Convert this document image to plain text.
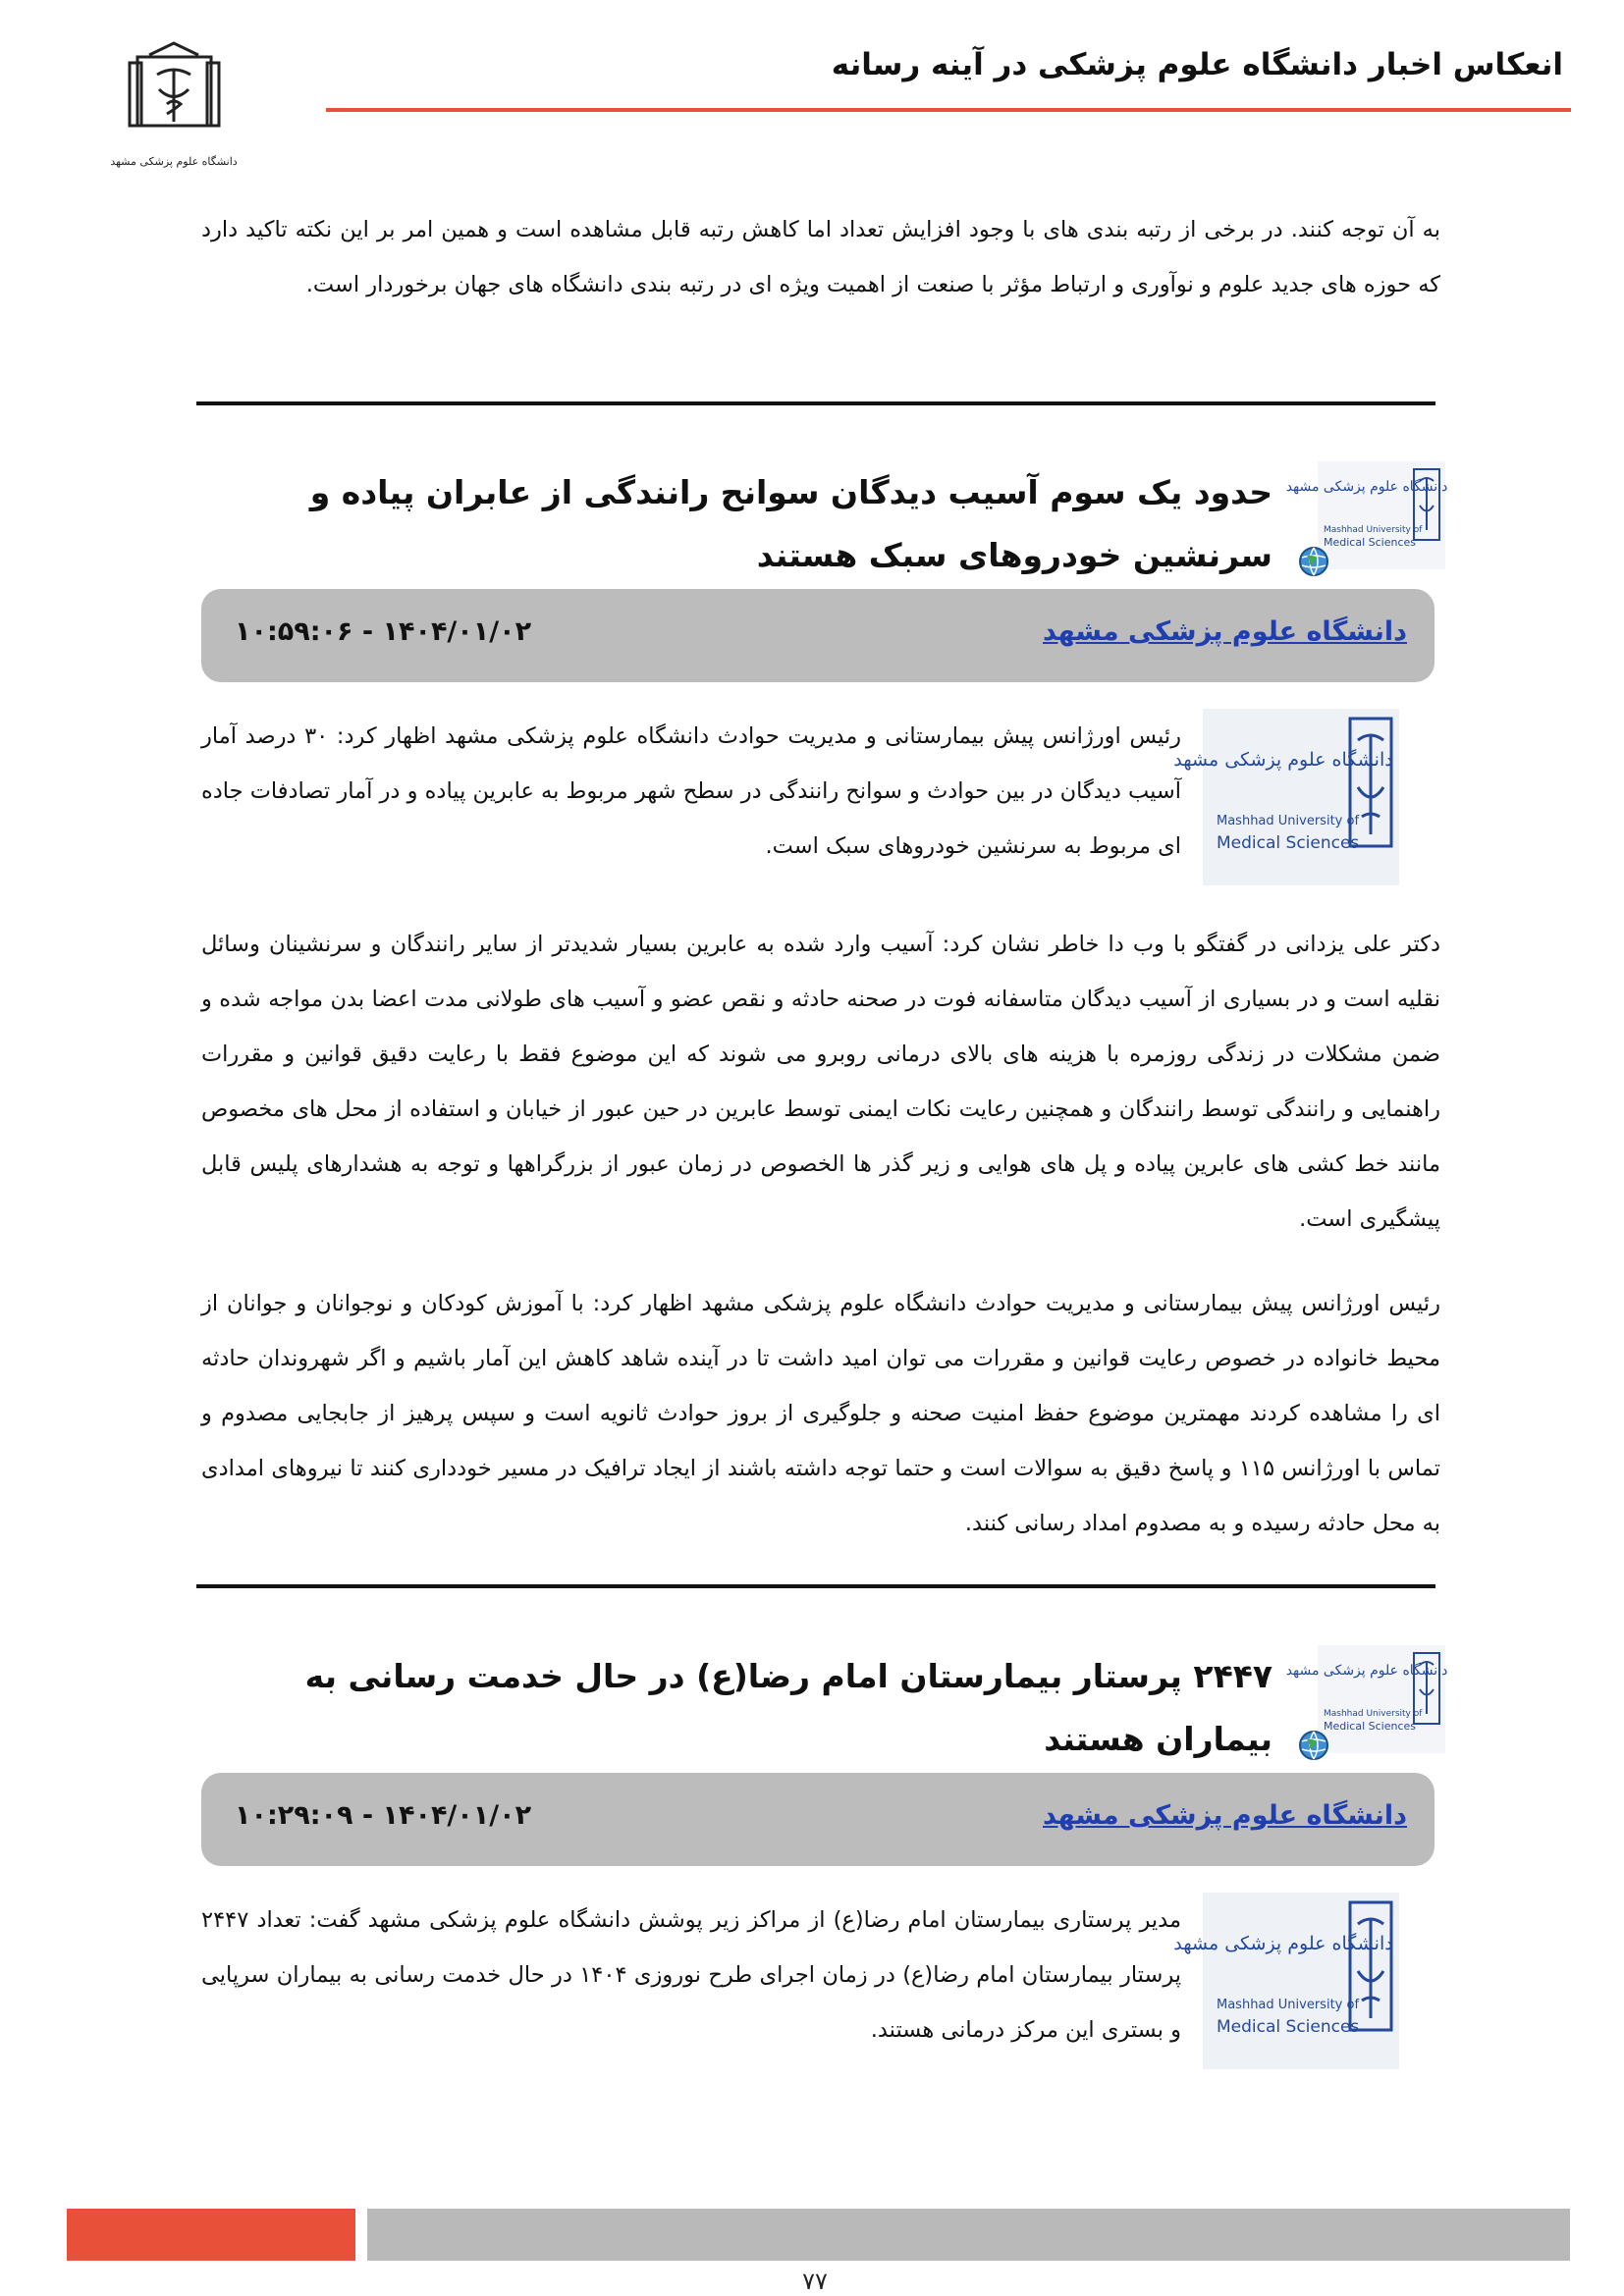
انعکاس اخبار دانشگاه علوم پزشکی در آینه رسانه
دانشگاه علوم پزشکی مشهد
به آن توجه کنند. در برخی از رتبه بندی های با وجود افزایش تعداد اما کاهش رتبه قابل مشاهده است و همین امر بر این نکته تاکید دارد که حوزه های جدید علوم و نوآوری و ارتباط مؤثر با صنعت از اهمیت ویژه ای در رتبه بندی دانشگاه های جهان برخوردار است.
حدود یک سوم آسیب دیدگان سوانح رانندگی از عابران پیاده و سرنشین خودروهای سبک هستند
دانشگاه علوم پزشکی مشهد
Mashhad University of
Medical Sciences
دانشگاه علوم پزشکی مشهد
۱۴۰۴/۰۱/۰۲ - ۱۰:۵۹:۰۶
دانشگاه علوم پزشکی مشهد
Mashhad University of
Medical Sciences
رئیس اورژانس پیش بیمارستانی و مدیریت حوادث دانشگاه علوم پزشکی مشهد اظهار کرد: ۳۰ درصد آمار آسیب دیدگان در بین حوادث و سوانح رانندگی در سطح شهر مربوط به عابرین پیاده و در آمار تصادفات جاده ای مربوط به سرنشین خودروهای سبک است.
دکتر علی یزدانی در گفتگو با وب دا خاطر نشان کرد: آسیب وارد شده به عابرین بسیار شدیدتر از سایر رانندگان و سرنشینان وسائل نقلیه است و در بسیاری از آسیب دیدگان متاسفانه فوت در صحنه حادثه و نقص عضو و آسیب های طولانی مدت اعضا بدن مواجه شده و ضمن مشکلات در زندگی روزمره با هزینه های بالای درمانی روبرو می شوند که این موضوع فقط با رعایت دقیق قوانین و مقررات راهنمایی و رانندگی توسط رانندگان و همچنین رعایت نکات ایمنی توسط عابرین در حین عبور از خیابان و استفاده از محل های مخصوص مانند خط کشی های عابرین پیاده و پل های هوایی و زیر گذر ها الخصوص در زمان عبور از بزرگراهها و توجه به هشدارهای پلیس قابل پیشگیری است.
رئیس اورژانس پیش بیمارستانی و مدیریت حوادث دانشگاه علوم پزشکی مشهد اظهار کرد: با آموزش کودکان و نوجوانان و جوانان از محیط خانواده در خصوص رعایت قوانین و مقررات می توان امید داشت تا در آینده شاهد کاهش این آمار باشیم و اگر شهروندان حادثه ای را مشاهده کردند مهمترین موضوع حفظ امنیت صحنه و جلوگیری از بروز حوادث ثانویه است و سپس پرهیز از جابجایی مصدوم و تماس با اورژانس ۱۱۵ و پاسخ دقیق به سوالات است و حتما توجه داشته باشند از ایجاد ترافیک در مسیر خودداری کنند تا نیروهای امدادی به محل حادثه رسیده و به مصدوم امداد رسانی کنند.
۲۴۴۷ پرستار بیمارستان امام رضا(ع) در حال خدمت رسانی به بیماران هستند
دانشگاه علوم پزشکی مشهد
Mashhad University of
Medical Sciences
دانشگاه علوم پزشکی مشهد
۱۴۰۴/۰۱/۰۲ - ۱۰:۲۹:۰۹
دانشگاه علوم پزشکی مشهد
Mashhad University of
Medical Sciences
مدیر پرستاری بیمارستان امام رضا(ع) از مراکز زیر پوشش دانشگاه علوم پزشکی مشهد گفت: تعداد ۲۴۴۷ پرستار بیمارستان امام رضا(ع) در زمان اجرای طرح نوروزی ۱۴۰۴ در حال خدمت رسانی به بیماران سرپایی و بستری این مرکز درمانی هستند.
۷۷
